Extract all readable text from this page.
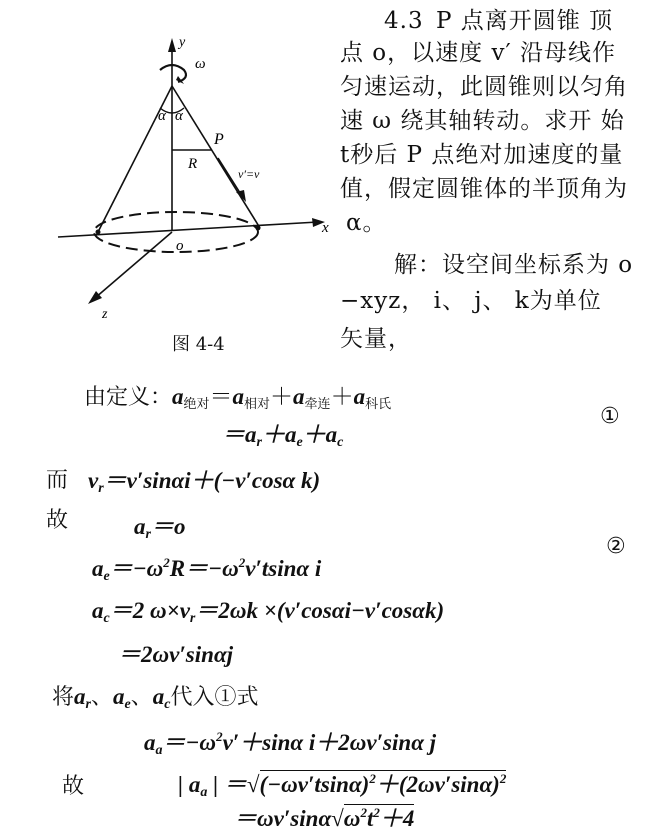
y
ω
α α
P
R
v′=v
x
o
z
图 4-4
4.3 P 点离开圆锥 顶
点 o，以速度 v′ 沿母线作
匀速运动，此圆锥则以匀角
速 ω 绕其轴转动。求开 始
t秒后 P 点绝对加速度的量
值，假定圆锥体的半顶角为
α。
解：设空间坐标系为 o
−xyz， i、 j、 k为单位
矢量，
由定义：a绝对＝a相对＋a牵连＋a科氏
$=a_r+a_e+a_c$
①
而 $v_r=v'\sin\alpha i+(-v'\cos\alpha$ k)
故	$a_r=o$
②
$a_e=-\omega^2R=-\omega^2v'tsin\alpha$ i
$a_c=2$ $\omega\times v_r=2\omega k \times(v'\cos\alpha i-v'\cos\alpha k)$
＝2ωv′sinαj
将$a_r$、$a_e$、$a_c$代入①式
$a_a=-\omega^2v'+\sin\alpha$ i＋2ωv′sinα j
故	| $a_a$ | $=√(-\omega v'tsin\alpha)^2+(2\omega v'\sin\alpha)^2$
$=\omega v'\sin\alpha√\omega^2t^2+4$
